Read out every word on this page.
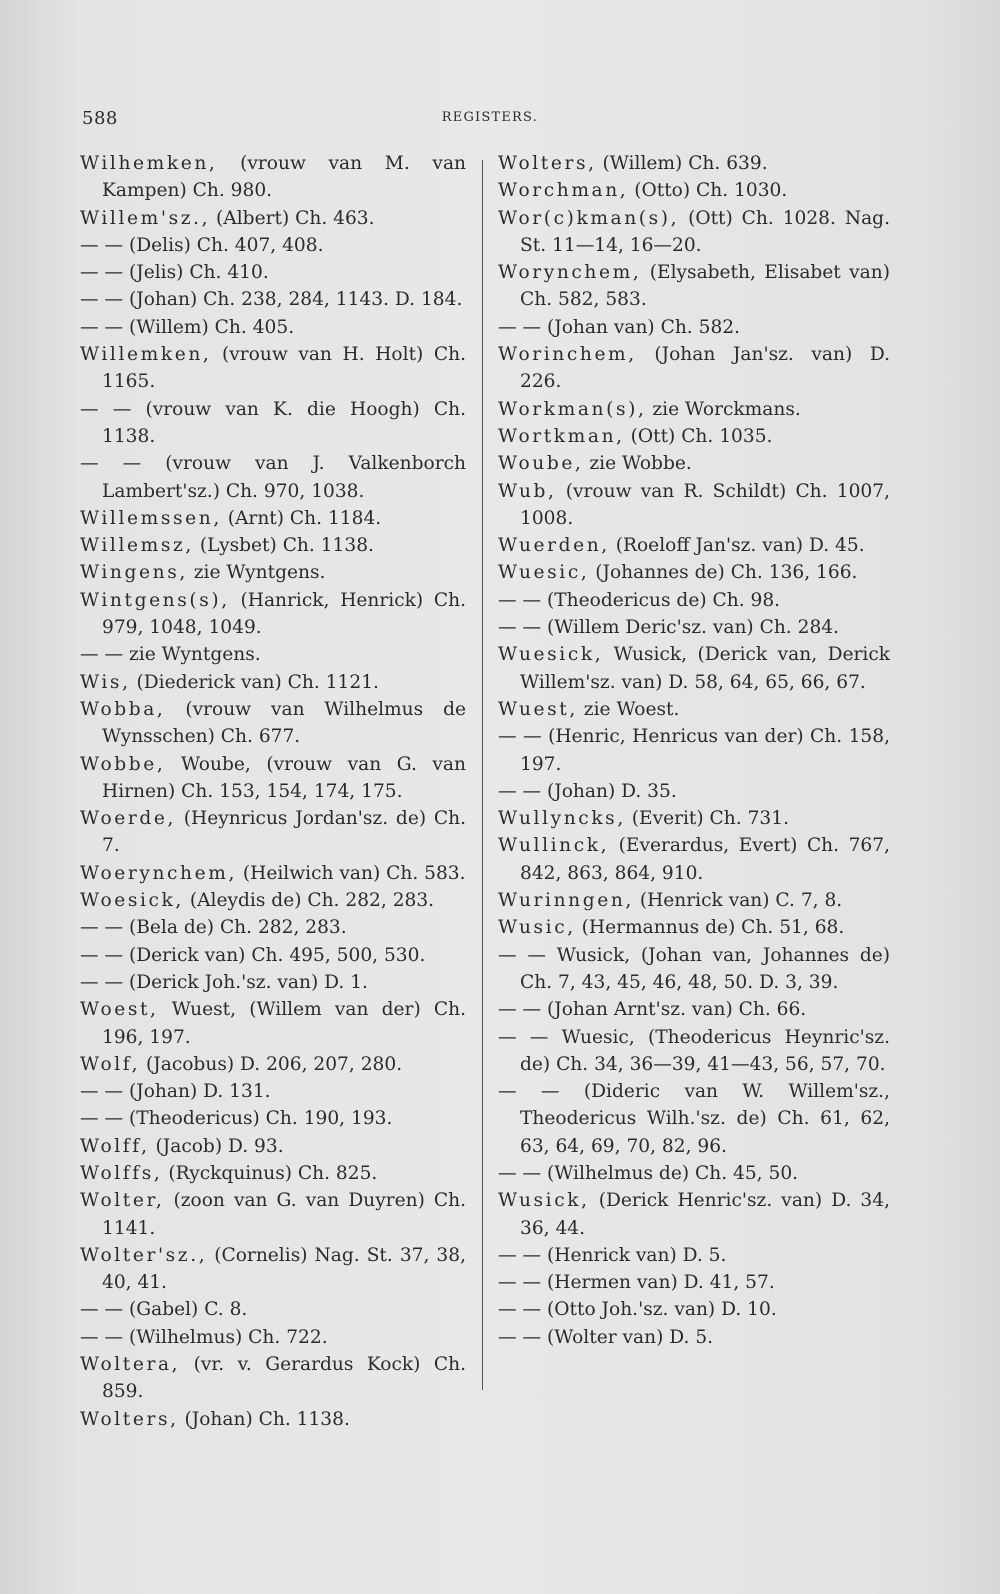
588	REGISTERS.

Wilhemken, (vrouw van M. van Kampen) Ch. 980.

Willem'sz., (Albert) Ch. 463.

— — (Delis) Ch. 407, 408.

— — (Jelis) Ch. 410.

— — (Johan) Ch. 238, 284, 1143. D. 184.

— — (Willem) Ch. 405.

Willemken, (vrouw van H. Holt) Ch. 1165.

— — (vrouw van K. die Hoogh) Ch. 1138.

— — (vrouw van J. Valkenborch Lambert'sz.) Ch. 970, 1038.

Willemssen, (Arnt) Ch. 1184.

Willemsz, (Lysbet) Ch. 1138.

Wingens, zie Wyntgens.

Wintgens(s), (Hanrick, Henrick) Ch. 979, 1048, 1049.

— — zie Wyntgens.

Wis, (Diederick van) Ch. 1121.

Wobba, (vrouw van Wilhelmus de Wynsschen) Ch. 677.

Wobbe, Woube, (vrouw van G. van Hirnen) Ch. 153, 154, 174, 175.

Woerde, (Heynricus Jordan'sz. de) Ch. 7.

Woerynchem, (Heilwich van) Ch. 583.

Woesick, (Aleydis de) Ch. 282, 283.

— — (Bela de) Ch. 282, 283.

— — (Derick van) Ch. 495, 500, 530.

— — (Derick Joh.'sz. van) D. 1.

Woest, Wuest, (Willem van der) Ch. 196, 197.

Wolf, (Jacobus) D. 206, 207, 280.

— — (Johan) D. 131.

— — (Theodericus) Ch. 190, 193.

Wolff, (Jacob) D. 93.

Wolffs, (Ryckquinus) Ch. 825.

Wolter, (zoon van G. van Duyren) Ch. 1141.

Wolter'sz., (Cornelis) Nag. St. 37, 38, 40, 41.

— — (Gabel) C. 8.

— — (Wilhelmus) Ch. 722.

Woltera, (vr. v. Gerardus Kock) Ch. 859.

Wolters, (Johan) Ch. 1138.

Wolters, (Willem) Ch. 639.

Worchman, (Otto) Ch. 1030.

Wor(c)kman(s), (Ott) Ch. 1028. Nag. St. 11—14, 16—20.

Worynchem, (Elysabeth, Elisabet van) Ch. 582, 583.

— — (Johan van) Ch. 582.

Worinchem, (Johan Jan'sz. van) D. 226.

Workman(s), zie Worckmans.

Wortkman, (Ott) Ch. 1035.

Woube, zie Wobbe.

Wub, (vrouw van R. Schildt) Ch. 1007, 1008.

Wuerden, (Roeloff Jan'sz. van) D. 45.

Wuesic, (Johannes de) Ch. 136, 166.

— — (Theodericus de) Ch. 98.

— — (Willem Deric'sz. van) Ch. 284.

Wuesick, Wusick, (Derick van, Derick Willem'sz. van) D. 58, 64, 65, 66, 67.

Wuest, zie Woest.

— — (Henric, Henricus van der) Ch. 158, 197.

— — (Johan) D. 35.

Wullyncks, (Everit) Ch. 731.

Wullinck, (Everardus, Evert) Ch. 767, 842, 863, 864, 910.

Wurinngen, (Henrick van) C. 7, 8.

Wusic, (Hermannus de) Ch. 51, 68.

— — Wusick, (Johan van, Johannes de) Ch. 7, 43, 45, 46, 48, 50. D. 3, 39.

— — (Johan Arnt'sz. van) Ch. 66.

— — Wuesic, (Theodericus Heynric'sz. de) Ch. 34, 36—39, 41—43, 56, 57, 70.

— — (Dideric van W. Willem'sz., Theodericus Wilh.'sz. de) Ch. 61, 62, 63, 64, 69, 70, 82, 96.

— — (Wilhelmus de) Ch. 45, 50.

Wusick, (Derick Henric'sz. van) D. 34, 36, 44.

— — (Henrick van) D. 5.

— — (Hermen van) D. 41, 57.

— — (Otto Joh.'sz. van) D. 10.

— — (Wolter van) D. 5.
